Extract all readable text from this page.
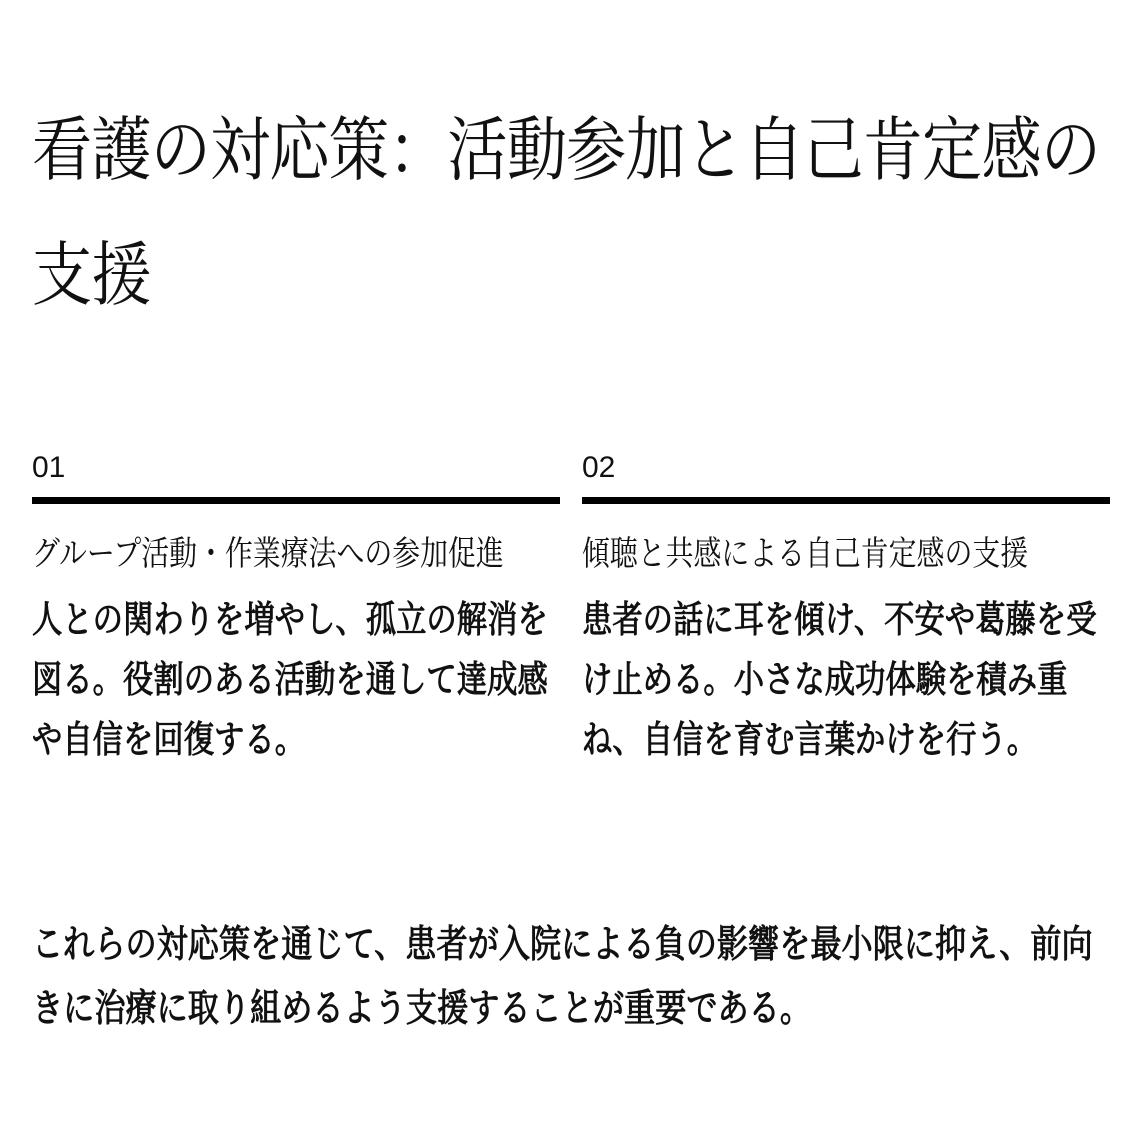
看護の対応策：活動参加と自己肯定感の支援
01
グループ活動・作業療法への参加促進
人との関わりを増やし、孤立の解消を図る。役割のある活動を通して達成感や自信を回復する。
02
傾聴と共感による自己肯定感の支援
患者の話に耳を傾け、不安や葛藤を受け止める。小さな成功体験を積み重ね、自信を育む言葉かけを行う。
これらの対応策を通じて、患者が入院による負の影響を最小限に抑え、前向きに治療に取り組めるよう支援することが重要である。
